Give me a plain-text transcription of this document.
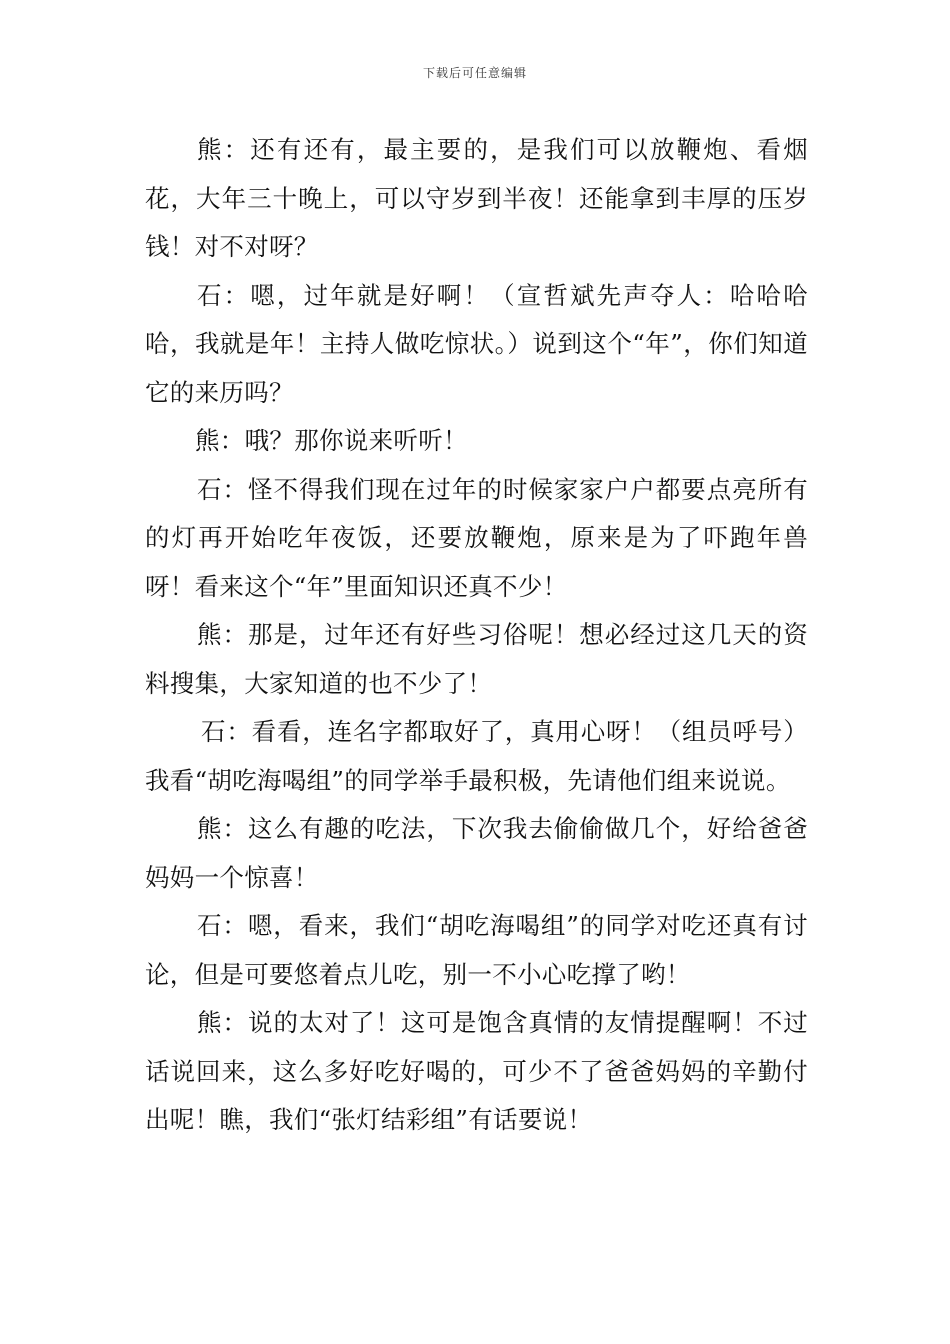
下载后可任意编辑

熊：还有还有，最主要的，是我们可以放鞭炮、看烟花，大年三十晚上，可以守岁到半夜！还能拿到丰厚的压岁钱！对不对呀？

石：嗯，过年就是好啊！（宣哲斌先声夺人：哈哈哈哈，我就是年！主持人做吃惊状。）说到这个“年”，你们知道它的来历吗？

熊：哦？那你说来听听！

石：怪不得我们现在过年的时候家家户户都要点亮所有的灯再开始吃年夜饭，还要放鞭炮，原来是为了吓跑年兽呀！看来这个“年”里面知识还真不少！

熊：那是，过年还有好些习俗呢！想必经过这几天的资料搜集，大家知道的也不少了！

石：看看，连名字都取好了，真用心呀！（组员呼号）我看“胡吃海喝组”的同学举手最积极，先请他们组来说说。

熊：这么有趣的吃法，下次我去偷偷做几个，好给爸爸妈妈一个惊喜！

石：嗯，看来，我们“胡吃海喝组”的同学对吃还真有讨论，但是可要悠着点儿吃，别一不小心吃撑了哟！

熊：说的太对了！这可是饱含真情的友情提醒啊！不过话说回来，这么多好吃好喝的，可少不了爸爸妈妈的辛勤付出呢！瞧，我们“张灯结彩组”有话要说！
